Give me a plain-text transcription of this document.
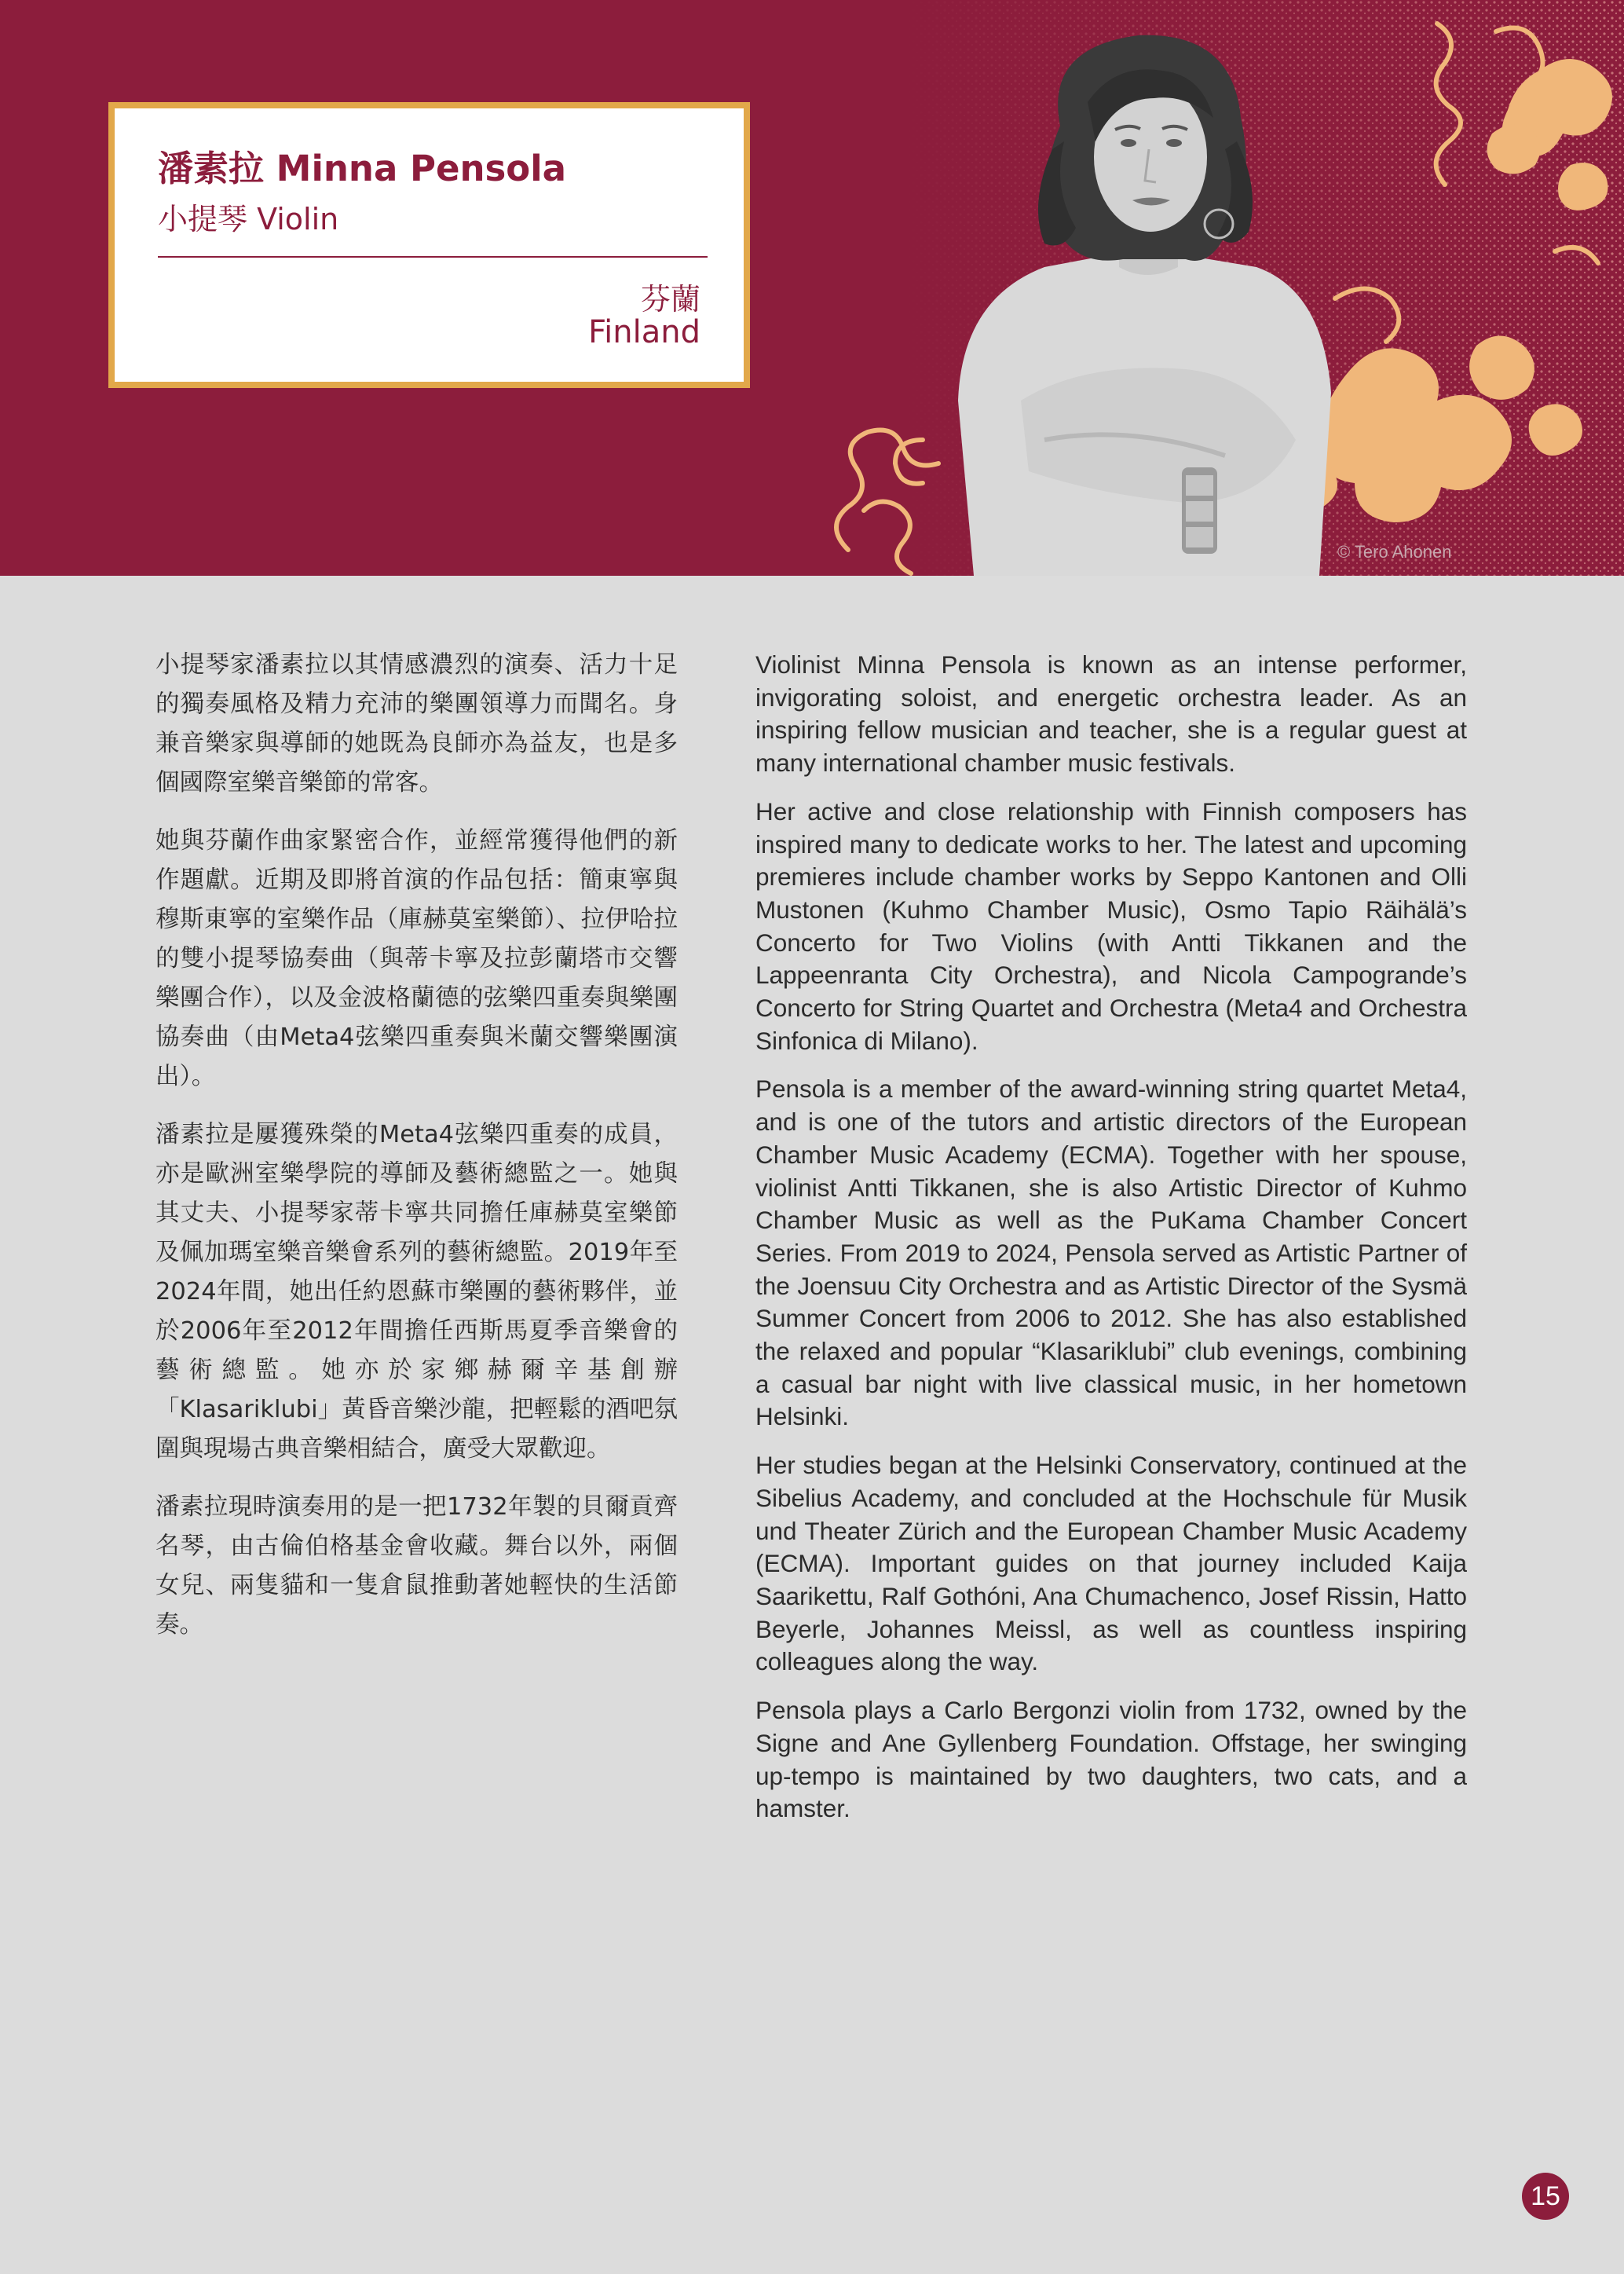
© Tero Ahonen
潘素拉 Minna Pensola
小提琴 Violin
芬蘭
Finland

小提琴家潘素拉以其情感濃烈的演奏、活力十足的獨奏風格及精力充沛的樂團領導力而聞名。身兼音樂家與導師的她既為良師亦為益友，也是多個國際室樂音樂節的常客。

她與芬蘭作曲家緊密合作，並經常獲得他們的新作題獻。近期及即將首演的作品包括：簡東寧與穆斯東寧的室樂作品（庫赫莫室樂節）、拉伊哈拉的雙小提琴協奏曲（與蒂卡寧及拉彭蘭塔市交響樂團合作），以及金波格蘭德的弦樂四重奏與樂團協奏曲（由Meta4弦樂四重奏與米蘭交響樂團演出）。

潘素拉是屢獲殊榮的Meta4弦樂四重奏的成員，亦是歐洲室樂學院的導師及藝術總監之一。她與其丈夫、小提琴家蒂卡寧共同擔任庫赫莫室樂節及佩加瑪室樂音樂會系列的藝術總監。2019年至2024年間，她出任約恩蘇市樂團的藝術夥伴，並於2006年至2012年間擔任西斯馬夏季音樂會的藝術總監。她亦於家鄉赫爾辛基創辦「Klasariklubi」黃昏音樂沙龍，把輕鬆的酒吧氛圍與現場古典音樂相結合，廣受大眾歡迎。

潘素拉現時演奏用的是一把1732年製的貝爾貢齊名琴，由古倫伯格基金會收藏。舞台以外，兩個女兒、兩隻貓和一隻倉鼠推動著她輕快的生活節奏。

Violinist Minna Pensola is known as an intense performer, invigorating soloist, and energetic orchestra leader. As an inspiring fellow musician and teacher, she is a regular guest at many international chamber music festivals.

Her active and close relationship with Finnish composers has inspired many to dedicate works to her. The latest and upcoming premieres include chamber works by Seppo Kantonen and Olli Mustonen (Kuhmo Chamber Music), Osmo Tapio Räihälä’s Concerto for Two Violins (with Antti Tikkanen and the Lappeenranta City Orchestra), and Nicola Campogrande’s Concerto for String Quartet and Orchestra (Meta4 and Orchestra Sinfonica di Milano).

Pensola is a member of the award-winning string quartet Meta4, and is one of the tutors and artistic directors of the European Chamber Music Academy (ECMA). Together with her spouse, violinist Antti Tikkanen, she is also Artistic Director of Kuhmo Chamber Music as well as the PuKama Chamber Concert Series. From 2019 to 2024, Pensola served as Artistic Partner of the Joensuu City Orchestra and as Artistic Director of the Sysmä Summer Concert from 2006 to 2012. She has also established the relaxed and popular “Klasariklubi” club evenings, combining a casual bar night with live classical music, in her hometown Helsinki.

Her studies began at the Helsinki Conservatory, continued at the Sibelius Academy, and concluded at the Hochschule für Musik und Theater Zürich and the European Chamber Music Academy (ECMA). Important guides on that journey included Kaija Saarikettu, Ralf Gothóni, Ana Chumachenco, Josef Rissin, Hatto Beyerle, Johannes Meissl, as well as countless inspiring colleagues along the way.

Pensola plays a Carlo Bergonzi violin from 1732, owned by the Signe and Ane Gyllenberg Foundation. Offstage, her swinging up-tempo is maintained by two daughters, two cats, and a hamster.

15
